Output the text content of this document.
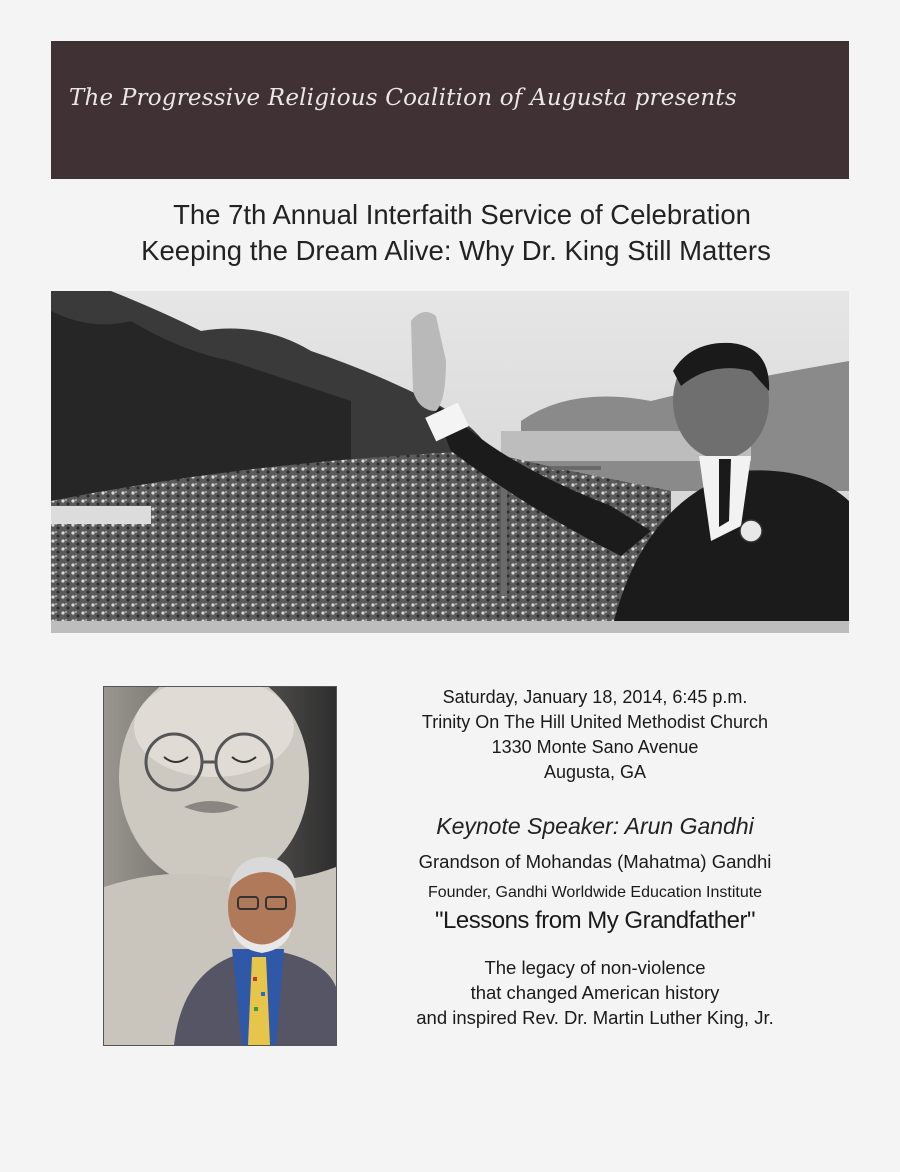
The Progressive Religious Coalition of Augusta presents
The 7th Annual Interfaith Service of Celebration
Keeping the Dream Alive: Why Dr. King Still Matters
Saturday, January 18, 2014, 6:45 p.m.
Trinity On The Hill United Methodist Church
1330 Monte Sano Avenue
Augusta, GA
Keynote Speaker: Arun Gandhi
Grandson of Mohandas (Mahatma) Gandhi
Founder, Gandhi Worldwide Education Institute
"Lessons from My Grandfather"
The legacy of non-violence
that changed American history
and inspired Rev. Dr. Martin Luther King, Jr.
